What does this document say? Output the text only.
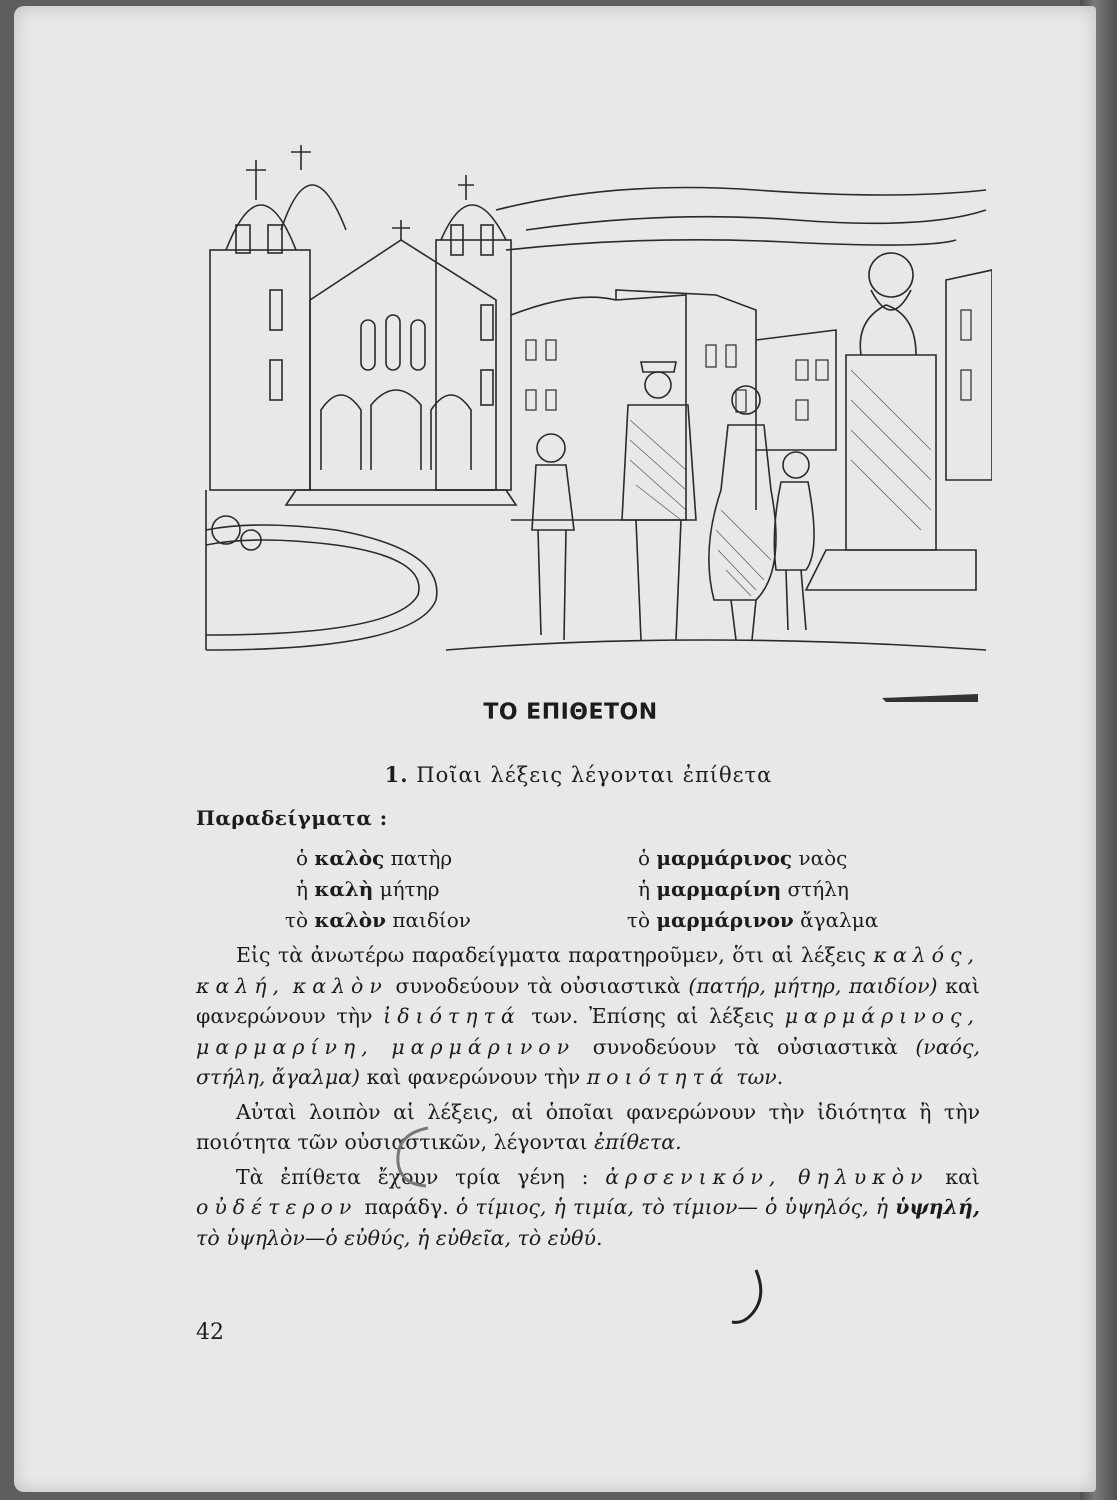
ΤΟ ΕΠΙΘΕΤΟΝ
1. Ποῖαι λέξεις λέγονται ἐπίθετα
Παραδείγματα :
ὁ καλὸς πατὴρ
ἡ καλὴ μήτηρ
τὸ καλὸν παιδίον
ὁ μαρμάρινος ναὸς
ἡ μαρμαρίνη στήλη
τὸ μαρμάρινον ἄγαλμα

Εἰς τὰ ἀνωτέρω παραδείγματα παρατηροῦμεν, ὅτι αἱ λέξεις καλός, καλή, καλὸν συνοδεύουν τὰ οὐσιαστικὰ (πατήρ, μήτηρ, παιδίον) καὶ φανερώνουν τὴν ἰδιότητά των. Ἐπίσης αἱ λέξεις μαρμάρινος, μαρμαρίνη, μαρμάρινον συνοδεύουν τὰ οὐσιαστικὰ (ναός, στήλη, ἄγαλμα) καὶ φανερώνουν τὴν ποιότητά των.

Αὐταὶ λοιπὸν αἱ λέξεις, αἱ ὁποῖαι φανερώνουν τὴν ἰδιότητα ἢ τὴν ποιότητα τῶν οὐσιαστικῶν, λέγονται ἐπίθετα.

Τὰ ἐπίθετα ἔχουν τρία γένη : ἀρσενικόν, θηλυκὸν καὶ οὐδέτερον παράδγ. ὁ τίμιος, ἡ τιμία, τὸ τίμιον— ὁ ὑψηλός, ἡ ὑψηλή, τὸ ὑψηλὸν—ὁ εὐθύς, ἡ εὐθεῖα, τὸ εὐθύ.

42
